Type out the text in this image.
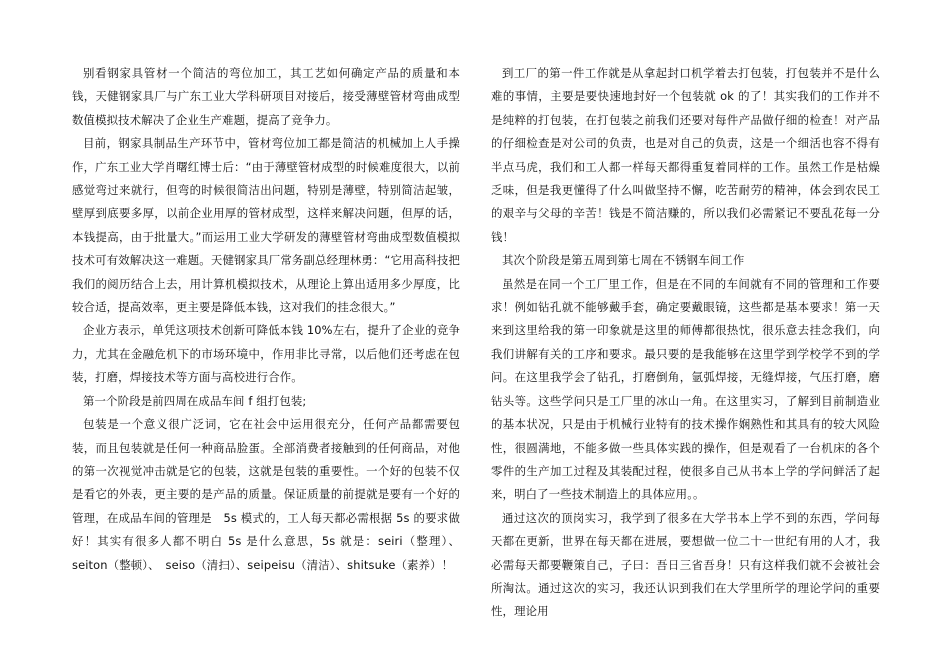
别看钢家具管材一个简洁的弯位加工，其工艺如何确定产品的质量和本钱，天健钢家具厂与广东工业大学科研项目对接后，接受薄壁管材弯曲成型数值模拟技术解决了企业生产难题，提高了竞争力。

目前，钢家具制品生产环节中，管材弯位加工都是简洁的机械加上人手操作，广东工业大学肖曙红博士后：“由于薄壁管材成型的时候难度很大，以前感觉弯过来就行，但弯的时候很简洁出问题，特别是薄壁，特别简洁起皱，壁厚到底要多厚，以前企业用厚的管材成型，这样来解决问题，但厚的话，本钱提高，由于批量大。”而运用工业大学研发的薄壁管材弯曲成型数值模拟技术可有效解决这一难题。天健钢家具厂常务副总经理林勇：“它用高科技把我们的阅历结合上去，用计算机模拟技术，从理论上算出适用多少厚度，比较合适，提高效率，更主要是降低本钱，这对我们的挂念很大。”

企业方表示，单凭这项技术创新可降低本钱 10%左右，提升了企业的竞争力，尤其在金融危机下的市场环境中，作用非比寻常，以后他们还考虑在包装，打磨，焊接技术等方面与高校进行合作。

第一个阶段是前四周在成品车间 f 组打包装;

包装是一个意义很广泛词，它在社会中运用很充分，任何产品都需要包装，而且包装就是任何一种商品脸蛋。全部消费者接触到的任何商品，对他的第一次视觉冲击就是它的包装，这就是包装的重要性。一个好的包装不仅是看它的外表，更主要的是产品的质量。保证质量的前提就是要有一个好的管理，在成品车间的管理是　5s 模式的，工人每天都必需根据 5s 的要求做好！其实有很多人都不明白 5s 是什么意思，5s 就是：seiri（整理）、seiton（整顿）、　seiso（清扫）、seipeisu（清洁）、shitsuke（素养）！

到工厂的第一件工作就是从拿起封口机学着去打包装，打包装并不是什么难的事情，主要是要快速地封好一个包装就 ok 的了！其实我们的工作并不是纯粹的打包装，在打包装之前我们还要对每件产品做仔细的检查！对产品的仔细检查是对公司的负责，也是对自己的负责，这是一个细活也容不得有半点马虎，我们和工人都一样每天都得重复着同样的工作。虽然工作是枯燥乏味，但是我更懂得了什么叫做坚持不懈，吃苦耐劳的精神，体会到农民工的艰辛与父母的辛苦！钱是不简洁赚的，所以我们必需紧记不要乱花每一分钱！

其次个阶段是第五周到第七周在不锈钢车间工作

虽然是在同一个工厂里工作，但是在不同的车间就有不同的管理和工作要求！例如钻孔就不能够戴手套，确定要戴眼镜，这些都是基本要求！第一天来到这里给我的第一印象就是这里的师傅都很热忱，很乐意去挂念我们，向我们讲解有关的工序和要求。最只要的是我能够在这里学到学校学不到的学问。在这里我学会了钻孔，打磨倒角，氩弧焊接，无缝焊接，气压打磨，磨钻头等。这些学问只是工厂里的冰山一角。在这里实习，了解到目前制造业的基本状况，只是由于机械行业特有的技术操作娴熟性和其具有的较大风险性，很圆满地，不能多做一些具体实践的操作，但是观看了一台机床的各个零件的生产加工过程及其装配过程，使很多自己从书本上学的学问鲜活了起来，明白了一些技术制造上的具体应用。。

通过这次的顶岗实习，我学到了很多在大学书本上学不到的东西，学问每天都在更新，世界在每天都在进展，要想做一位二十一世纪有用的人才，我必需每天都要鞭策自己，子曰：吾日三省吾身！只有这样我们就不会被社会所淘汰。通过这次的实习，我还认识到我们在大学里所学的理论学问的重要性，理论用
